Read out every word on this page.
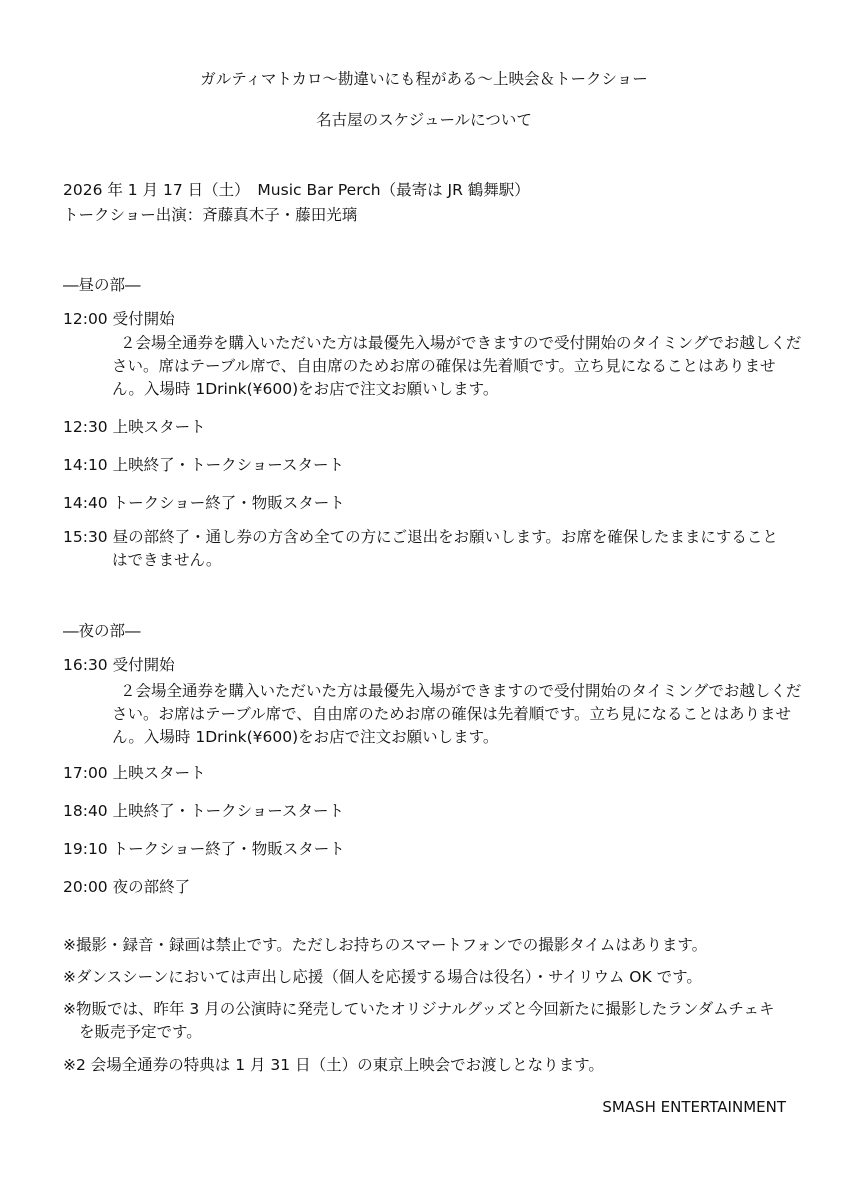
ガルティマトカロ〜勘違いにも程がある〜上映会＆トークショー
名古屋のスケジュールについて
2026 年 1 月 17 日（土）　Music Bar Perch（最寄は JR 鶴舞駅）
トークショー出演：斉藤真木子・藤田光璃
―昼の部―
12:00 受付開始
２会場全通券を購入いただいた方は最優先入場ができますので受付開始のタイミングでお越しください。席はテーブル席で、自由席のためお席の確保は先着順です。立ち見になることはありません。入場時 1Drink(¥600)をお店で注文お願いします。
12:30 上映スタート
14:10 上映終了・トークショースタート
14:40 トークショー終了・物販スタート
15:30 昼の部終了・通し券の方含め全ての方にご退出をお願いします。お席を確保したままにすることはできません。
―夜の部―
16:30 受付開始
２会場全通券を購入いただいた方は最優先入場ができますので受付開始のタイミングでお越しください。お席はテーブル席で、自由席のためお席の確保は先着順です。立ち見になることはありません。入場時 1Drink(¥600)をお店で注文お願いします。
17:00 上映スタート
18:40 上映終了・トークショースタート
19:10 トークショー終了・物販スタート
20:00 夜の部終了
※撮影・録音・録画は禁止です。ただしお持ちのスマートフォンでの撮影タイムはあります。
※ダンスシーンにおいては声出し応援（個人を応援する場合は役名）・サイリウム OK です。
※物販では、昨年 3 月の公演時に発売していたオリジナルグッズと今回新たに撮影したランダムチェキを販売予定です。
※2 会場全通券の特典は 1 月 31 日（土）の東京上映会でお渡しとなります。
SMASH ENTERTAINMENT
